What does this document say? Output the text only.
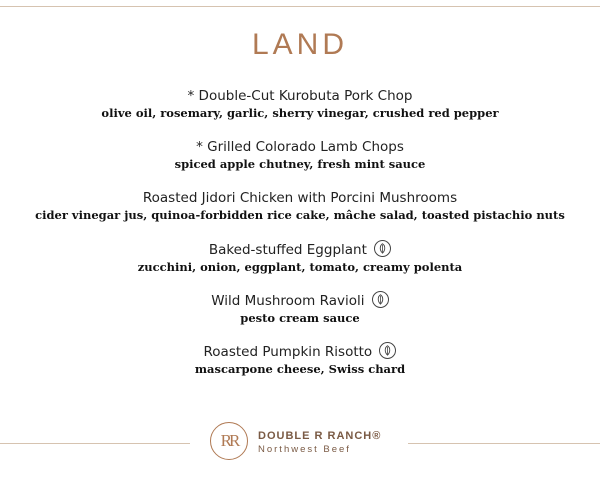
LAND
* Double-Cut Kurobuta Pork Chop
olive oil, rosemary, garlic, sherry vinegar, crushed red pepper
* Grilled Colorado Lamb Chops
spiced apple chutney, fresh mint sauce
Roasted Jidori Chicken with Porcini Mushrooms
cider vinegar jus, quinoa-forbidden rice cake, mâche salad, toasted pistachio nuts
Baked-stuffed Eggplant
zucchini, onion, eggplant, tomato, creamy polenta
Wild Mushroom Ravioli
pesto cream sauce
Roasted Pumpkin Risotto
mascarpone cheese, Swiss chard
RR	DOUBLE R RANCH®
Northwest Beef
